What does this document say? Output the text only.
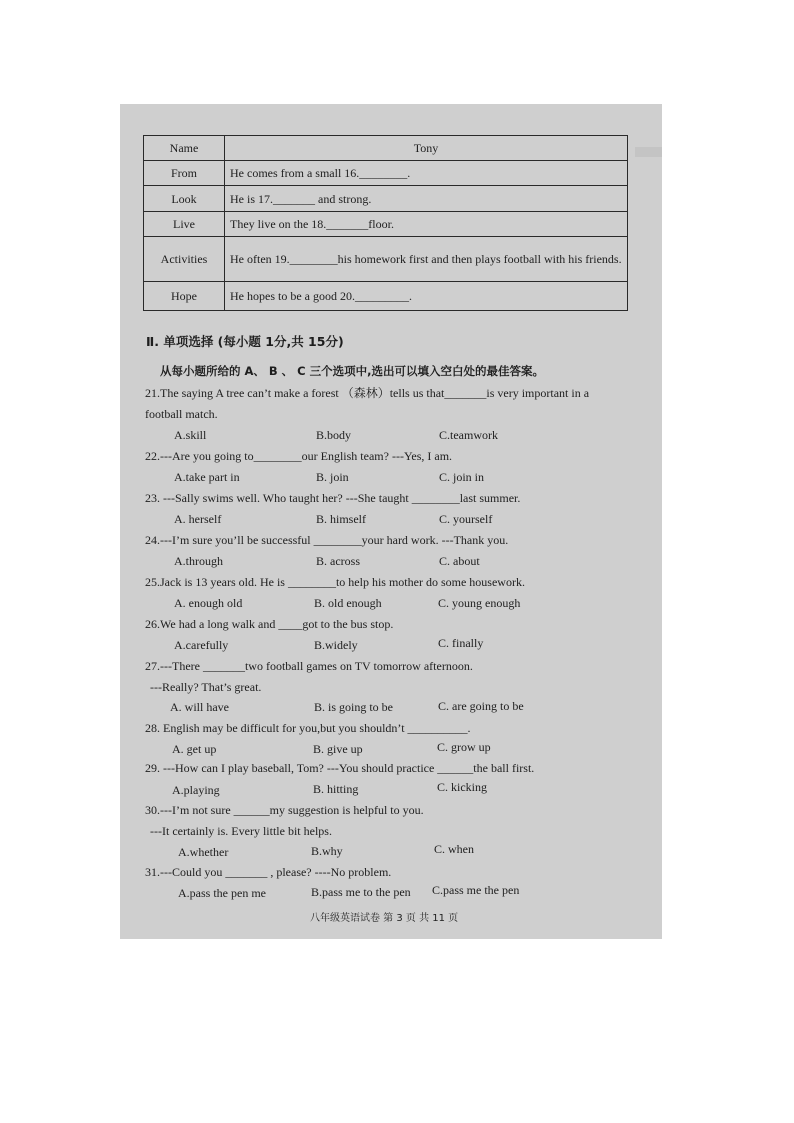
Name	Tony
From	He comes from a small 16.________.
Look	He is 17._______ and strong.
Live	They live on the 18._______floor.
Activities	He often 19.________his homework first and then plays football with his friends.
Hope	He hopes to be a good 20._________.
Ⅱ. 单项选择 (每小题 1分,共 15分)
从每小题所给的 A、 B 、 C 三个选项中,选出可以填入空白处的最佳答案。
21.The saying A tree can’t make a forest （森林）tells us that_______is very important in a
football match.
A.skill	B.body	C.teamwork
22.---Are you going to________our English team? ---Yes, I am.
A.take part in	B. join	C. join in
23. ---Sally swims well. Who taught her? ---She taught ________last summer.
A. herself	B. himself	C. yourself
24.---I’m sure you’ll be successful ________your hard work. ---Thank you.
A.through	B. across	C. about
25.Jack is 13 years old. He is ________to help his mother do some housework.
A. enough old	B. old enough	C. young enough
26.We had a long walk and ____got to the bus stop.
A.carefully	B.widely	C. finally
27.---There _______two football games on TV tomorrow afternoon.
---Really? That’s great.
A. will have	B. is going to be	C. are going to be
28. English may be difficult for you,but you shouldn’t __________.
A. get up	B. give up	C. grow up
29. ---How can I play baseball, Tom? ---You should practice ______the ball first.
A.playing	B. hitting	C. kicking
30.---I’m not sure ______my suggestion is helpful to you.
---It certainly is. Every little bit helps.
A.whether	B.why	C. when
31.---Could you _______ , please? ----No problem.
A.pass the pen me	B.pass me to the pen C.pass me the pen
八年级英语试卷 第 3 页 共 11 页
